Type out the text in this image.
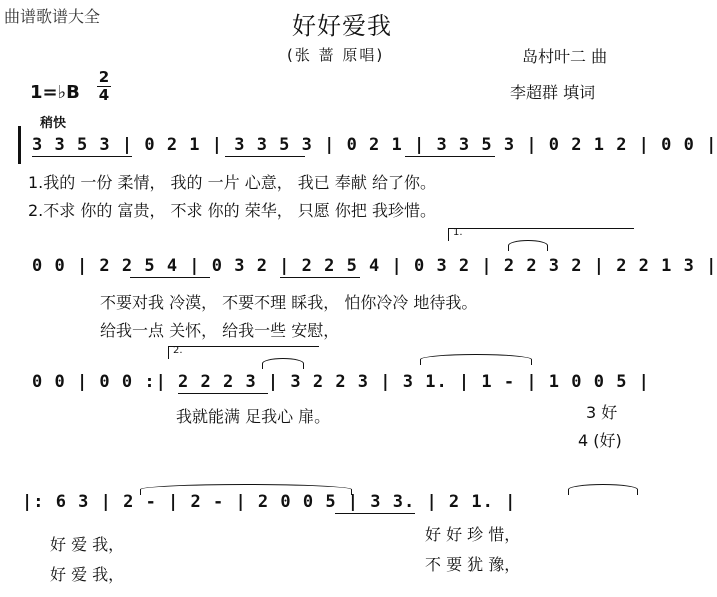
曲谱歌谱大全	好好爱我
(张 蔷 原唱)	岛村叶二 曲
李超群 填词
1=♭B
2
4
稍快
3 3 5 3 | 0 2 1 | 3 3 5 3 | 0 2 1 | 3 3 5 3 | 0 2 1 2 | 0 0 |
1.我的 一份 柔情， 我的 一片 心意， 我已 奉献 给了你。
2.不求 你的 富贵， 不求 你的 荣华， 只愿 你把 我珍惜。
1.
0 0 | 2 2 5 4 | 0 3 2 | 2 2 5 4 | 0 3 2 | 2 2 3 2 | 2 2 1 3 |
不要对我 冷漠， 不要不理 睬我， 怕你冷冷 地待我。
给我一点 关怀， 给我一些 安慰，
2.
0 0 | 0 0 :| 2 2 2 3 | 3 2 2 3 | 3 1. | 1 - | 1 0 0 5 |
我就能满 足我心 扉。	3 好
4 (好)
|: 6 3 | 2 - | 2 - | 2 0 0 5 | 3 3. | 2 1. |
好 爱 我，
好 好 珍 惜，
好 爱 我，
不 要 犹 豫，
